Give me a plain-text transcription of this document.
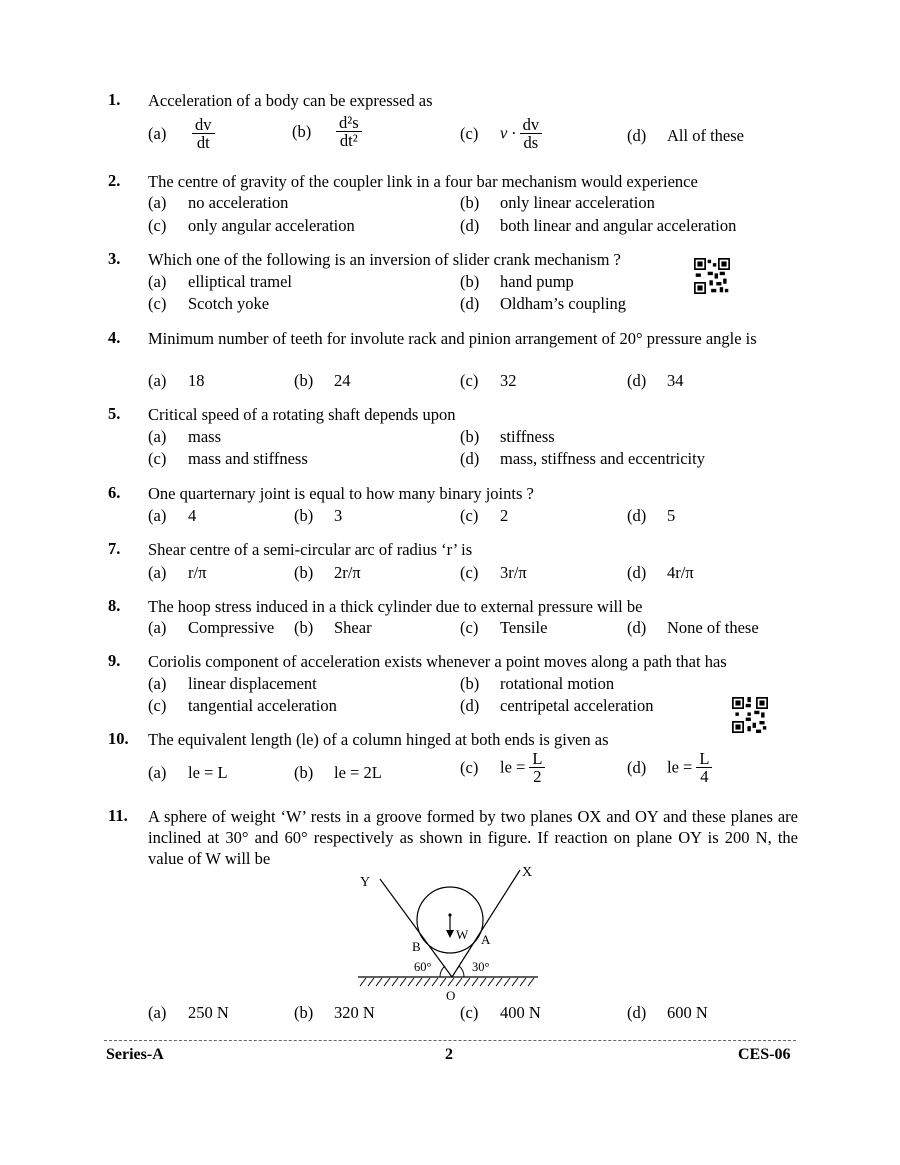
1. Acceleration of a body can be expressed as
$(a) \frac{dv}{dt}$	$(b) \frac{\text{d²s}}{\text{dt²}}$	(c) $v \cdot \frac{dv}{ds}$	(d) All of these
2. The centre of gravity of the coupler link in a four bar mechanism would experience
(a) no acceleration	(b) only linear acceleration
(c) only angular acceleration	(d) both linear and angular acceleration
3. Which one of the following is an inversion of slider crank mechanism ?
(a) elliptical tramel	(b) hand pump
(c) Scotch yoke	(d) Oldham’s coupling
4. Minimum number of teeth for involute rack and pinion arrangement of 20° pressure angle is
(a) 18	(b) 24	(c) 32	(d) 34
5. Critical speed of a rotating shaft depends upon
(a) mass	(b) stiffness
(c) mass and stiffness	(d) mass, stiffness and eccentricity
6. One quarternary joint is equal to how many binary joints ?
(a) 4	(b) 3	(c) 2	(d) 5
7. Shear centre of a semi-circular arc of radius ‘r’ is
(a) r/π	(b) 2r/π	(c) 3r/π	(d) 4r/π
8. The hoop stress induced in a thick cylinder due to external pressure will be
(a) Compressive (b) Shear	(c) Tensile	(d) None of these
9. Coriolis component of acceleration exists whenever a point moves along a path that has
(a) linear displacement	(b) rotational motion
(c) tangential acceleration	(d) centripetal acceleration
10. The equivalent length (le) of a column hinged at both ends is given as
(a) le = L	(b) le = 2L	(c) le = $\frac{L}{2}$	(d) le = $\frac{L}{4}$
11. A sphere of weight ‘W’ rests in a groove formed by two planes OX and OY and these planes are inclined at 30° and 60° respectively as shown in figure. If reaction on plane OY is 200 N, the value of W will be
Y
X
W A
B
O
60°	30°
(a) 250 N	(b) 320 N	(c) 400 N	(d) 600 N
Series-A	2	CES-06
